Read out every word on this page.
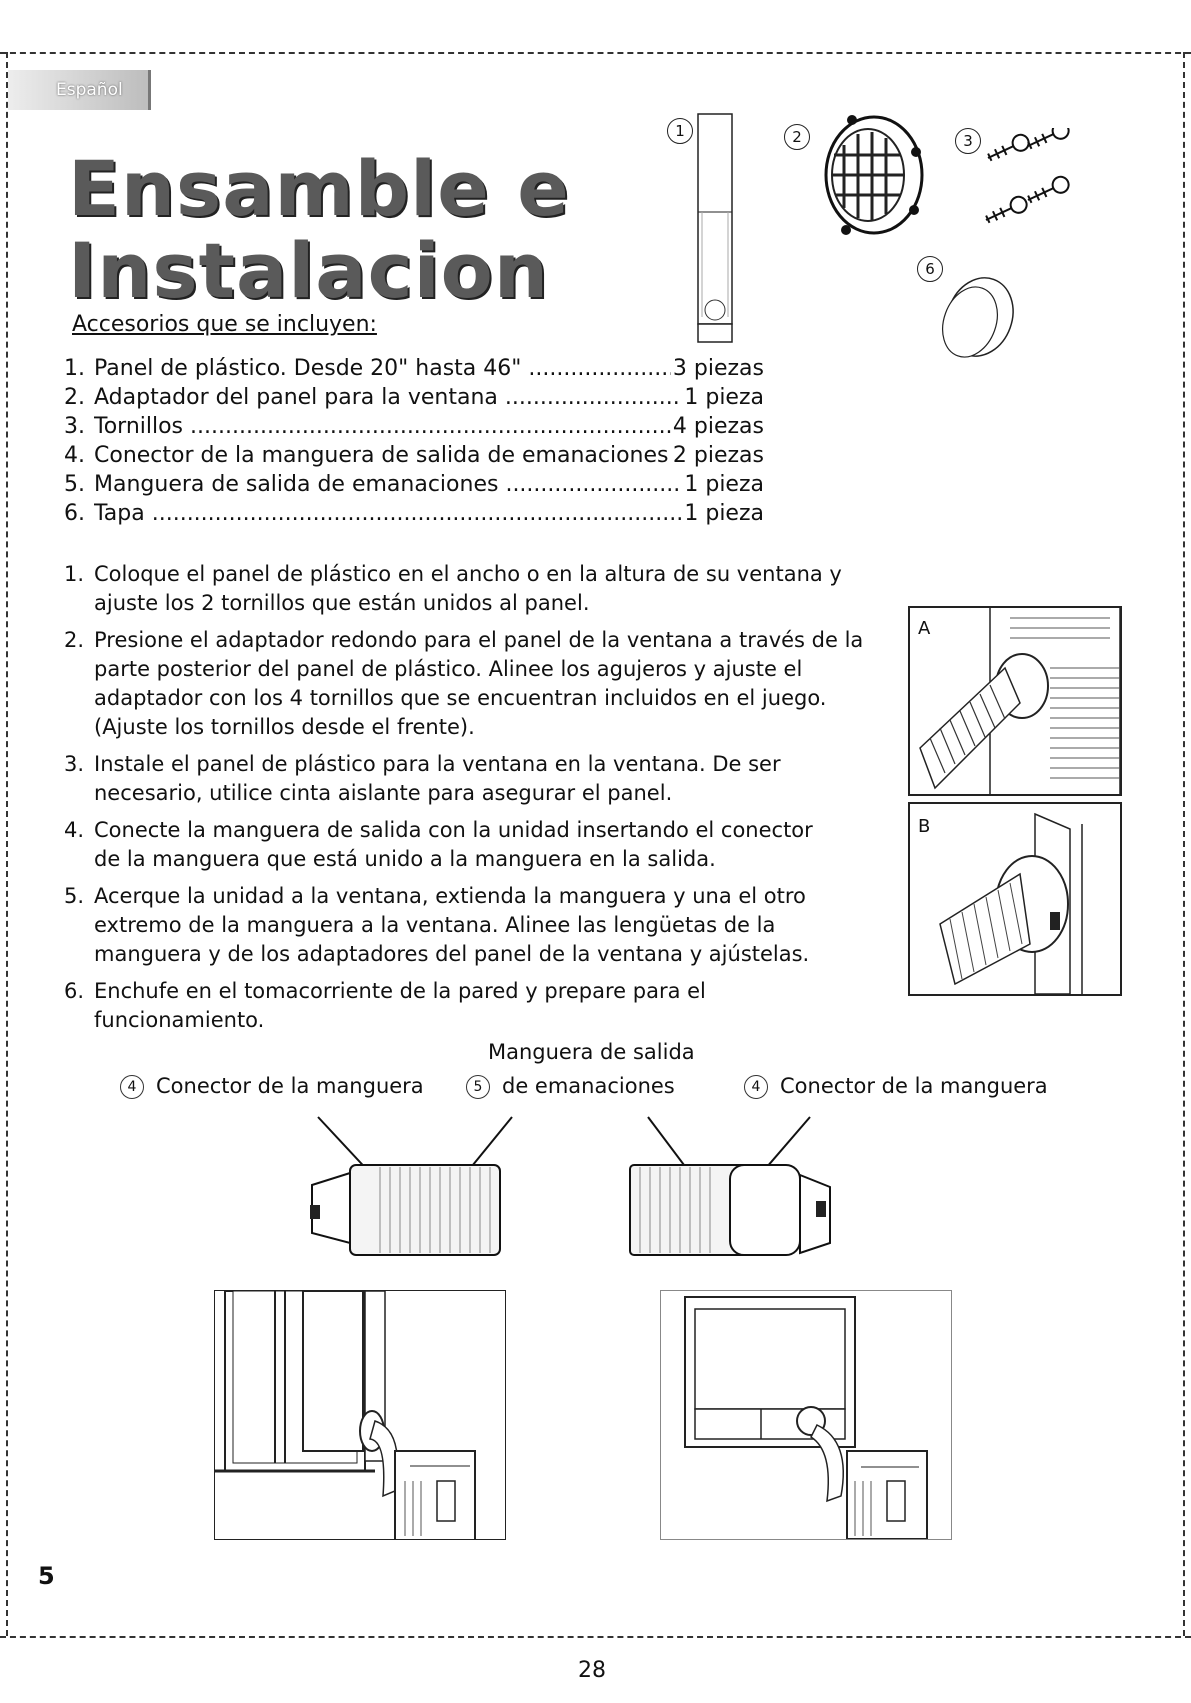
Español
Ensamble e
Instalacion
1	2	3
6
Accesorios que se incluyen:
1. Panel de plástico. Desde 20" hasta 46" .....	3 piezas
2. Adaptador del panel para la ventana .....	1 pieza
3. Tornillos .....	4 piezas
4. Conector de la manguera de salida de emanaciones ..... 2 piezas
5. Manguera de salida de emanaciones .....	1 pieza
6. Tapa .....	1 pieza
1. Coloque el panel de plástico en el ancho o en la altura de su ventana y ajuste los 2 tornillos que están unidos al panel.
2. Presione el adaptador redondo para el panel de la ventana a través de la parte posterior del panel de plástico. Alinee los agujeros y ajuste el adaptador con los 4 tornillos que se encuentran incluidos en el juego. (Ajuste los tornillos desde el frente).
3. Instale el panel de plástico para la ventana en la ventana. De ser necesario, utilice cinta aislante para asegurar el panel.
4. Conecte la manguera de salida con la unidad insertando el conector de la manguera que está unido a la manguera en la salida.
5. Acerque la unidad a la ventana, extienda la manguera y una el otro extremo de la manguera a la ventana. Alinee las lengüetas de la manguera y de los adaptadores del panel de la ventana y ajústelas.
6. Enchufe en el tomacorriente de la pared y prepare para el funcionamiento.
A
B
Manguera de salida
4 Conector de la manguera	5 de emanaciones	4 Conector de la manguera
5
28
